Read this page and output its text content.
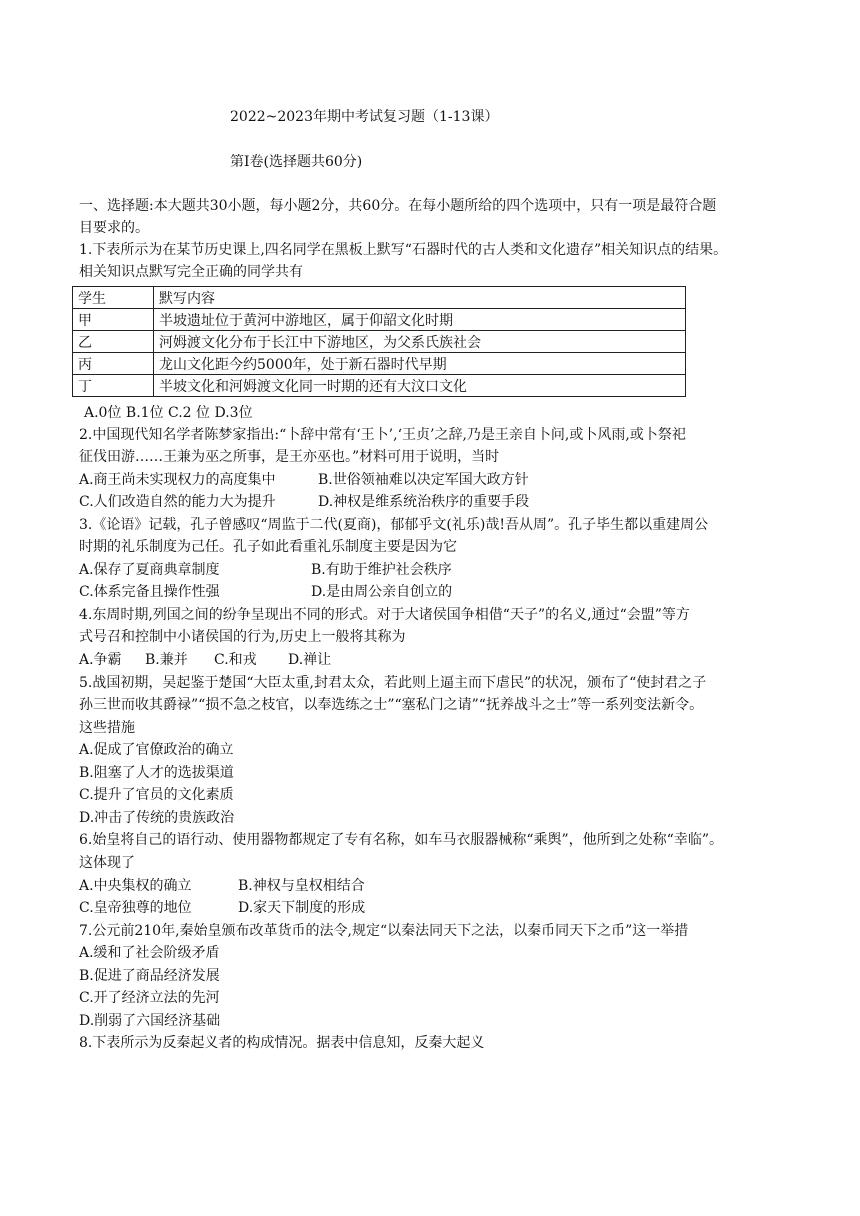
2022~2023年期中考试复习题（1-13课）
第Ⅰ卷(选择题共60分)
一、选择题:本大题共30小题，每小题2分，共60分。在每小题所给的四个选项中，只有一项是最符合题
目要求的。
1.下表所示为在某节历史课上,四名同学在黑板上默写“石器时代的古人类和文化遗存”相关知识点的结果。
相关知识点默写完全正确的同学共有
学生	默写内容
甲	半坡遗址位于黄河中游地区，属于仰韶文化时期
乙	河姆渡文化分布于长江中下游地区，为父系氏族社会
丙	龙山文化距今约5000年，处于新石器时代早期
丁	半坡文化和河姆渡文化同一时期的还有大汶口文化
A.0位 B.1位 C.2 位 D.3位
2.中国现代知名学者陈梦家指出:“卜辞中常有‘王卜’,‘王贞’之辞,乃是王亲自卜问,或卜风雨,或卜祭祀
征伐田游……王兼为巫之所事，是王亦巫也。”材料可用于说明，当时
A.商王尚未实现权力的高度集中	B.世俗领袖难以决定军国大政方针
C.人们改造自然的能力大为提升	D.神权是维系统治秩序的重要手段
3.《论语》记载，孔子曾感叹“周监于二代(夏商)，郁郁乎文(礼乐)哉!吾从周”。孔子毕生都以重建周公
时期的礼乐制度为己任。孔子如此看重礼乐制度主要是因为它
A.保存了夏商典章制度	B.有助于维护社会秩序
C.体系完备且操作性强	D.是由周公亲自创立的
4.东周时期,列国之间的纷争呈现出不同的形式。对于大诸侯国争相借“天子”的名义,通过“会盟”等方
式号召和控制中小诸侯国的行为,历史上一般将其称为
A.争霸 B.兼并 C.和戎 D.禅让
5.战国初期，吴起鉴于楚国“大臣太重,封君太众，若此则上逼主而下虐民”的状况，颁布了“使封君之子
孙三世而收其爵禄”“损不急之枝官，以奉选练之士”“塞私门之请”“抚养战斗之士”等一系列变法新令。
这些措施
A.促成了官僚政治的确立
B.阻塞了人才的选拔渠道
C.提升了官员的文化素质
D.冲击了传统的贵族政治
6.始皇将自己的语行动、使用器物都规定了专有名称，如车马衣服器械称“乘舆”，他所到之处称“幸临”。
这体现了
A.中央集权的确立	B.神权与皇权相结合
C.皇帝独尊的地位	D.家天下制度的形成
7.公元前210年,秦始皇颁布改革货币的法令,规定“以秦法同天下之法，以秦币同天下之币”这一举措
A.缓和了社会阶级矛盾
B.促进了商品经济发展
C.开了经济立法的先河
D.削弱了六国经济基础
8.下表所示为反秦起义者的构成情况。据表中信息知，反秦大起义
